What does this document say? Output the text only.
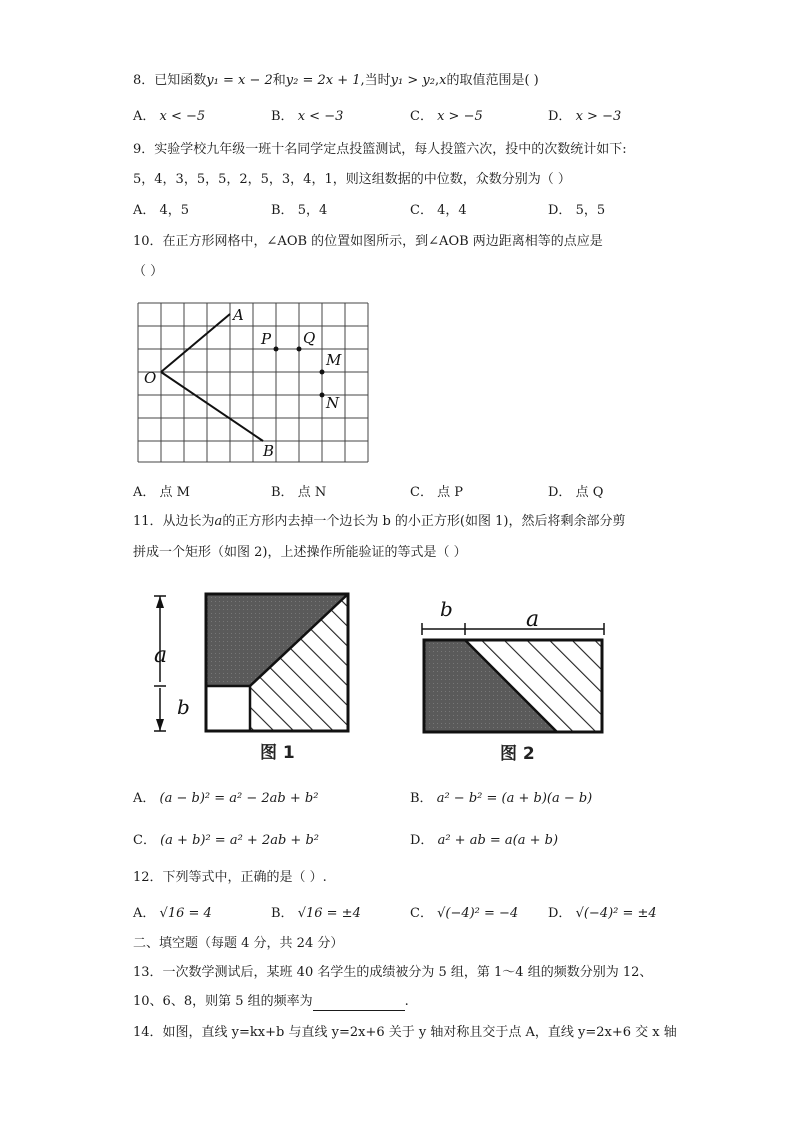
8．已知函数y₁ = x − 2和y₂ = 2x + 1,当时y₁ > y₂,x的取值范围是( )
A． x < −5	B． x < −3	C． x > −5	D． x > −3
9．实验学校九年级一班十名同学定点投篮测试，每人投篮六次，投中的次数统计如下:
5，4，3，5，5，2，5，3，4，1，则这组数据的中位数，众数分别为（ ）
A． 4，5	B． 5，4	C． 4，4	D． 5，5
10．在正方形网格中，∠AOB 的位置如图所示，到∠AOB 两边距离相等的点应是
（ ）
A
B
O
P Q
M
N
A． 点 M	B． 点 N	C． 点 P	D． 点 Q
11．从边长为a的正方形内去掉一个边长为 b 的小正方形(如图 1)，然后将剩余部分剪
拼成一个矩形（如图 2)，上述操作所能验证的等式是（ ）
a
b
图 1
b	a
图 2
A． (a − b)² = a² − 2ab + b²	B． a² − b² = (a + b)(a − b)
C． (a + b)² = a² + 2ab + b²	D． a² + ab = a(a + b)
12．下列等式中，正确的是（ ）.
A． √16 = 4	B． √16 = ±4	C． √(−4)² = −4 D． √(−4)² = ±4
二、填空题（每题 4 分，共 24 分）
13．一次数学测试后，某班 40 名学生的成绩被分为 5 组，第 1～4 组的频数分别为 12、
10、6、8，则第 5 组的频率为	.
14．如图，直线 y=kx+b 与直线 y=2x+6 关于 y 轴对称且交于点 A，直线 y=2x+6 交 x 轴
